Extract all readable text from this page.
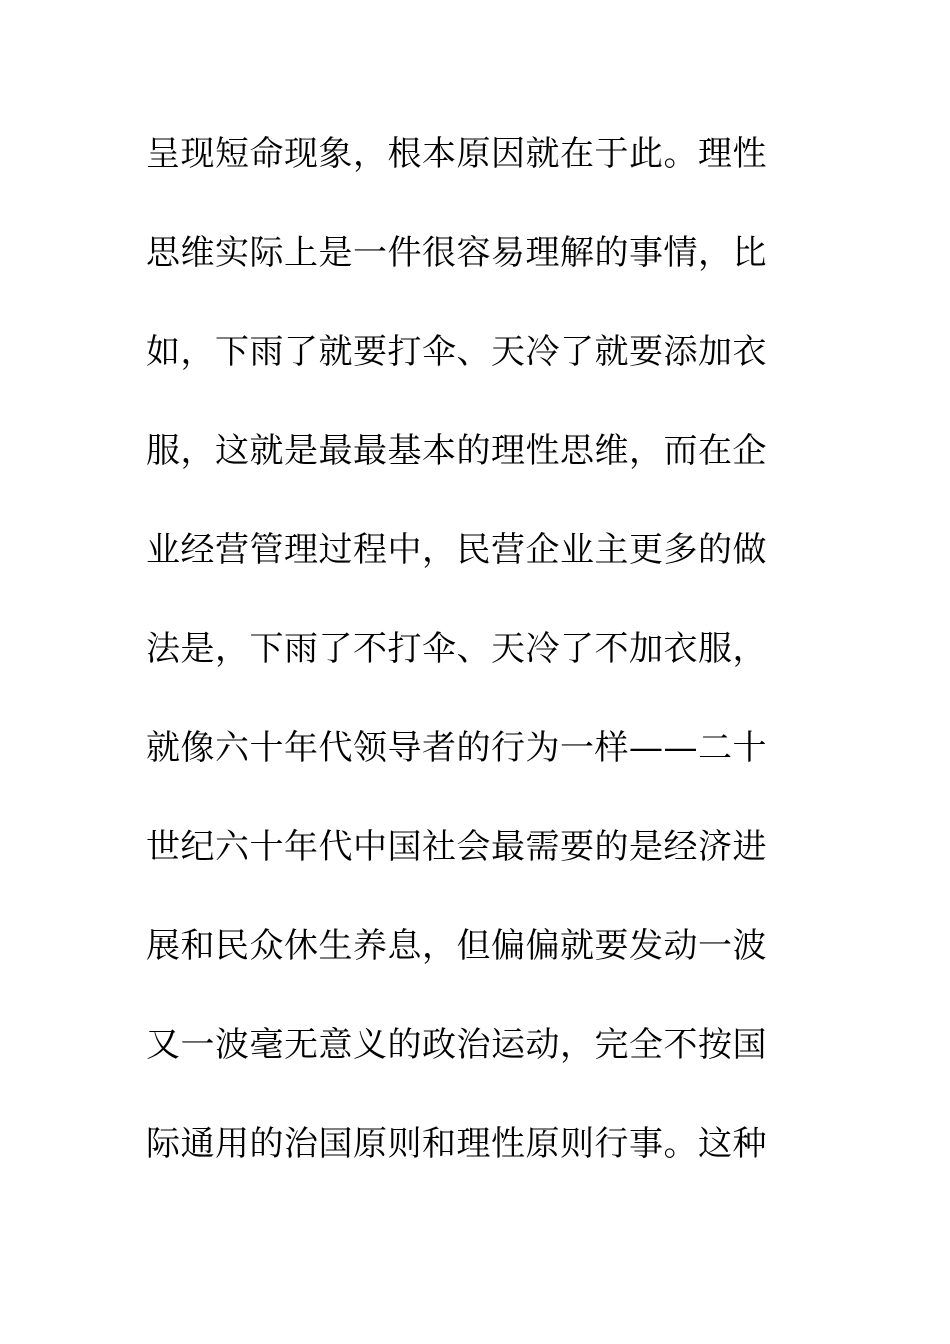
呈现短命现象，根本原因就在于此。理性
思维实际上是一件很容易理解的事情，比
如，下雨了就要打伞、天冷了就要添加衣
服，这就是最最基本的理性思维，而在企
业经营管理过程中，民营企业主更多的做
法是，下雨了不打伞、天冷了不加衣服，
就像六十年代领导者的行为一样——二十
世纪六十年代中国社会最需要的是经济进
展和民众休生养息，但偏偏就要发动一波
又一波毫无意义的政治运动，完全不按国
际通用的治国原则和理性原则行事。这种
